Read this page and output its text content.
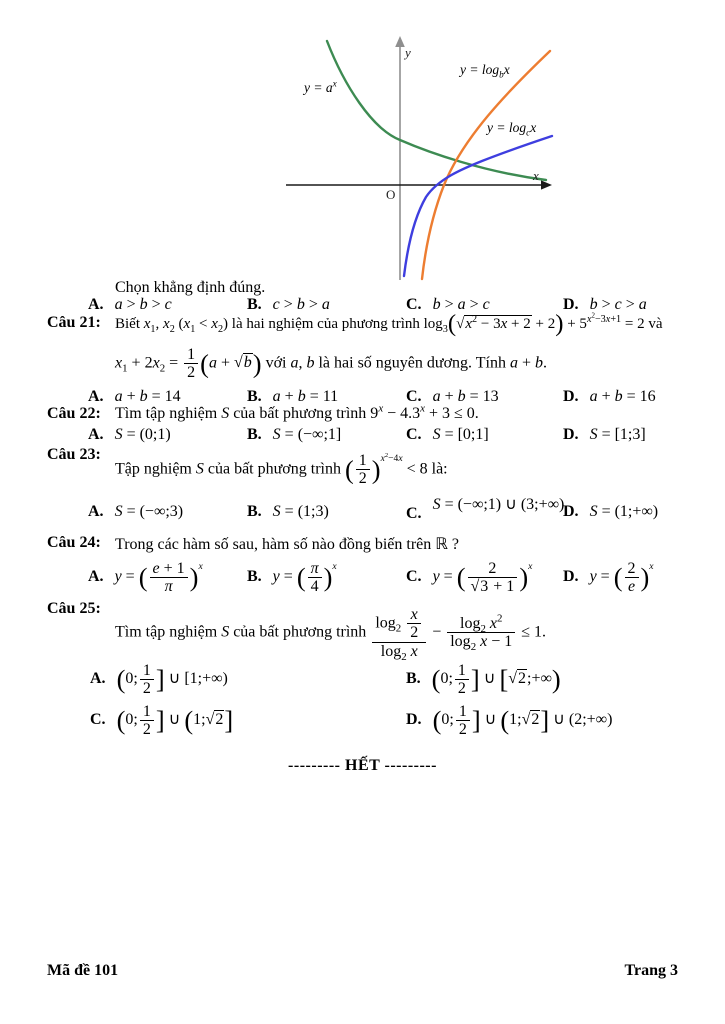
y
x
O
$y = a^x$
$y = \log_bx$
$y = \log_cx$
Chọn khẳng định đúng.
A. a > b > c	B. c > b > a	C. b > a > c	D. b > c > a
Câu 21: Biết $x_1$, $x_2$ $(x_1 < x_2)$ là hai nghiệm của phương trình $\log_3$( √ $x^2 - 3x + 2 + 2) + 5^{x^2-3x+1} = 2$ và
$x_1 + 2x_2 = \frac{1}{2} (a$ + √ b) với a, b là hai số nguyên dương. Tính a + b.
A. a + b = 14	B. a + b = 11	C. a + b = 13	D. a + b = 16
Câu 22: Tìm tập nghiệm S của bất phương trình $9^x - 4.3^x + 3 \le 0$.
A. S = (0;1)	B. S = (−∞;1]	C. S = [0;1]	D. S = [1;3]
Câu 23:
Tập nghiệm S của bất phương trình ( $\frac{1}{2} )^{x^2-4x} < 8$ là:
A. S = (−∞;3)	B. S = (1;3)	C.S = (−∞;1) ∪ (3;+∞)
D. S = (1;+∞)
Câu 24: Trong các hàm số sau, hàm số nào đồng biến trên ℝ ?
A. y = ( $\frac{e + 1}{\pi} )^x$
B. y = ( $\frac{\pi}{4} )^x$
C. y = ( 2
√ 3 + 1 )$^x$
D. y = ( $\frac{2}{e} )^x$
Câu 25:
Tìm tập nghiệm S của bất phương trình $\frac{\log_2 \frac{x}{2}}{\log_2 x} - \frac{\log_2 x^2}{\log_2 x - 1} \le 1$.
A. (0; $\frac{1}{2}$ ] ∪ [1;+∞)	B. (0; $\frac{1}{2}$ ] ∪ [ √ 2;+∞)
C. (0; $\frac{1}{2}$ ] ∪ (1; √ 2]	D. (0; $\frac{1}{2}$ ] ∪ (1; √ 2] ∪ (2;+∞)
--------- HẾT ---------
Mã đề 101	Trang 3
